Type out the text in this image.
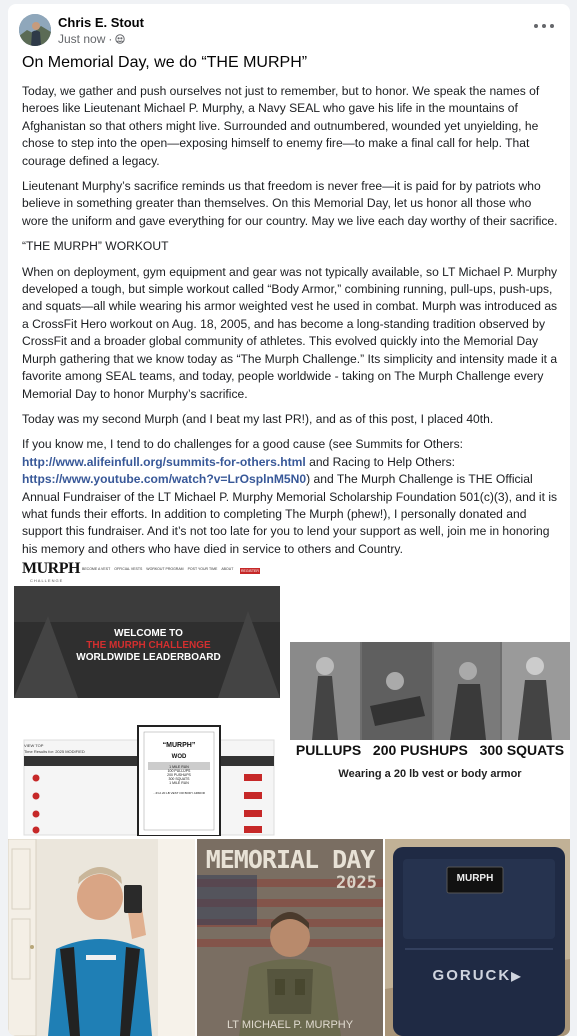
Chris E. Stout
Just now ·
On Memorial Day, we do “THE MURPH”

Today, we gather and push ourselves not just to remember, but to honor. We speak the names of heroes like Lieutenant Michael P. Murphy, a Navy SEAL who gave his life in the mountains of Afghanistan so that others might live. Surrounded and outnumbered, wounded yet unyielding, he chose to step into the open—exposing himself to enemy fire—to make a final call for help. That courage defined a legacy.

Lieutenant Murphy’s sacrifice reminds us that freedom is never free—it is paid for by patriots who believe in something greater than themselves. On this Memorial Day, let us honor all those who wore the uniform and gave everything for our country. May we live each day worthy of their sacrifice.

“THE MURPH” WORKOUT

When on deployment, gym equipment and gear was not typically available, so LT Michael P. Murphy developed a tough, but simple workout called “Body Armor,” combining running, pull-ups, push-ups, and squats—all while wearing his armor weighted vest he used in combat. Murph was introduced as a CrossFit Hero workout on Aug. 18, 2005, and has become a long-standing tradition observed by CrossFit and a broader global community of athletes. This evolved quickly into the Memorial Day Murph gathering that we know today as “The Murph Challenge.” Its simplicity and intensity made it a favorite among SEAL teams, and today, people worldwide - taking on The Murph Challenge every Memorial Day to honor Murphy’s sacrifice.

Today was my second Murph (and I beat my last PR!), and as of this post, I placed 40th.

If you know me, I tend to do challenges for a good cause (see Summits for Others: http://www.alifeinfull.org/summits-for-others.html and Racing to Help Others: https://www.youtube.com/watch?v=LrOsplnM5N0) and The Murph Challenge is THE Official Annual Fundraiser of the LT Michael P. Murphy Memorial Scholarship Foundation 501(c)(3), and it is what funds their efforts. In addition to completing The Murph (phew!), I personally donated and support this fundraiser. And it’s not too late for you to lend your support as well, join me in honoring his memory and others who have died in service to others and Country.

MURPH
CHALLENGE
BECOME A VEST OFFICIAL VESTS WORKOUT PROGRAM POST YOUR TIME ABOUT REGISTER
WELCOME TO
THE MURPH CHALLENGE
WORLDWIDE LEADERBOARD
VIEW TOP
Time Results for: 2025 MODIFIED
“MURPH”
WOD
1 MILE RUN
100 PULLUPS
200 PUSHUPS
300 SQUATS
1 MILE RUN
...IN A 20 LB VEST OR BODY ARMOR
PULLUPS 200 PUSHUPS 300 SQUATS
Wearing a 20 lb vest or body armor
MEMORIAL DAY
2025
LT MICHAEL P. MURPHY
MURPH
GORUCK▶
